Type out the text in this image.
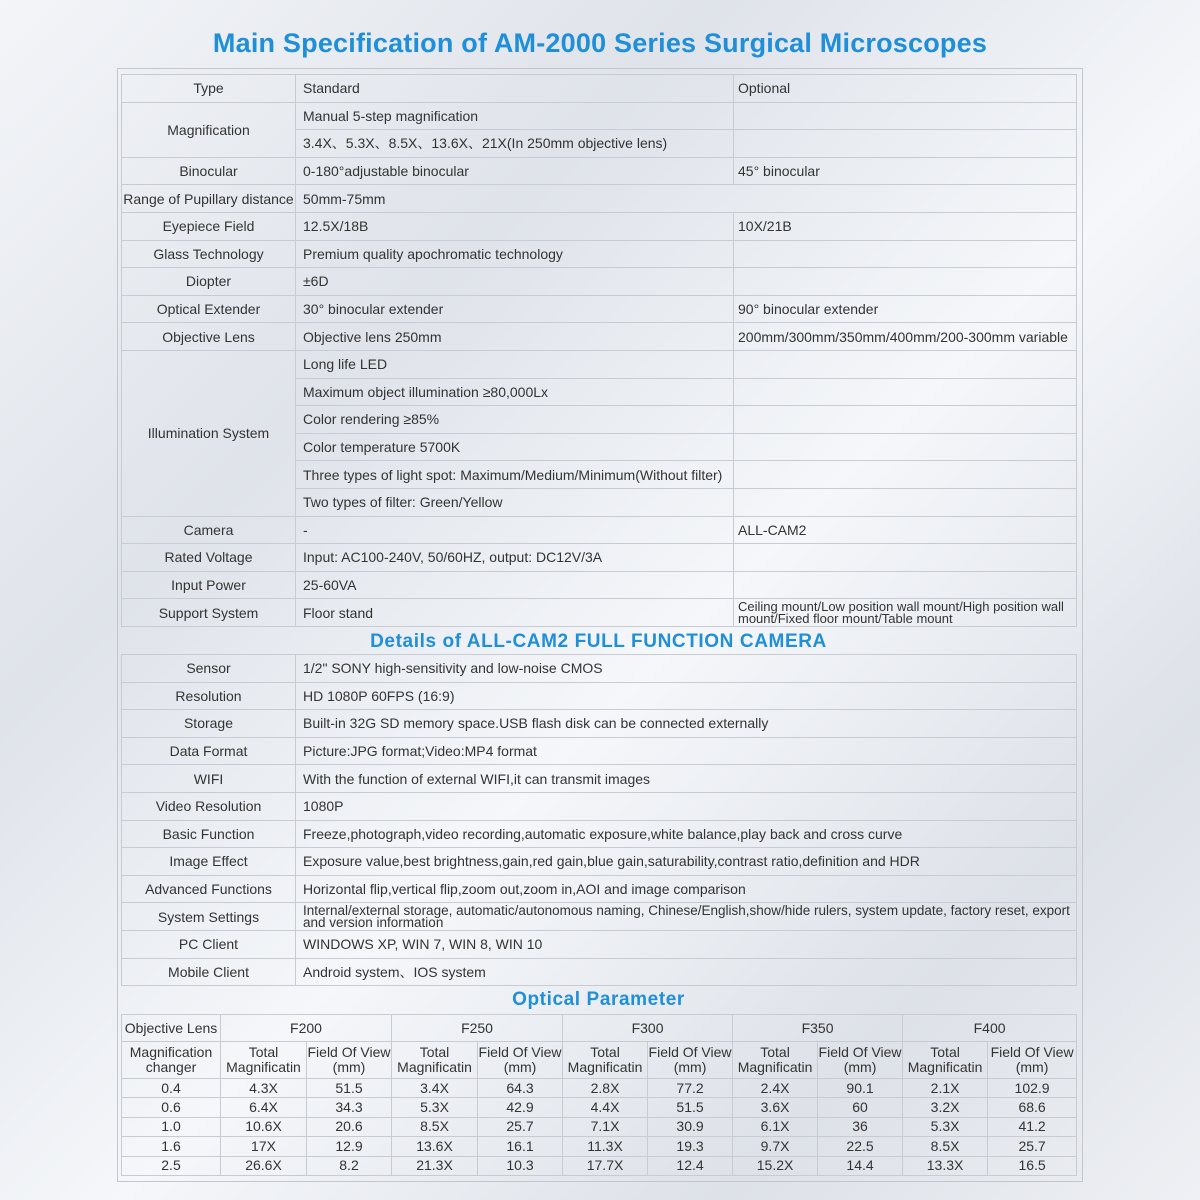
Main Specification of AM-2000 Series Surgical Microscopes
Type	Standard	Optional
Magnification	Manual 5-step magnification	
	3.4X、5.3X、8.5X、13.6X、21X(In 250mm objective lens)	
Binocular	0-180°adjustable binocular	45° binocular
Range of Pupillary distance	50mm-75mm	
Eyepiece Field	12.5X/18B	10X/21B
Glass Technology	Premium quality apochromatic technology	
Diopter	±6D	
Optical Extender	30° binocular extender	90° binocular extender
Objective Lens	Objective lens 250mm	200mm/300mm/350mm/400mm/200-300mm variable
Illumination System	Long life LED	
	Maximum object illumination ≥80,000Lx	
	Color rendering ≥85%	
	Color temperature 5700K	
	Three types of light spot: Maximum/Medium/Minimum(Without filter)	
	Two types of filter: Green/Yellow	
Camera	-	ALL-CAM2
Rated Voltage	Input: AC100-240V, 50/60HZ, output: DC12V/3A	
Input Power	25-60VA	
Support System	Floor stand	Ceiling mount/Low position wall mount/High position wall mount/Fixed floor mount/Table mount
Details of ALL-CAM2 FULL FUNCTION CAMERA
Sensor	1/2" SONY high-sensitivity and low-noise CMOS
Resolution	HD 1080P 60FPS (16:9)
Storage	Built-in 32G SD memory space.USB flash disk can be connected externally
Data Format	Picture:JPG format;Video:MP4 format
WIFI	With the function of external WIFI,it can transmit images
Video Resolution	1080P
Basic Function	Freeze,photograph,video recording,automatic exposure,white balance,play back and cross curve
Image Effect	Exposure value,best brightness,gain,red gain,blue gain,saturability,contrast ratio,definition and HDR
Advanced Functions	Horizontal flip,vertical flip,zoom out,zoom in,AOI and image comparison
System Settings	Internal/external storage, automatic/autonomous naming, Chinese/English,show/hide rulers, system update, factory reset, export and version information
PC Client	WINDOWS XP, WIN 7, WIN 8, WIN 10
Mobile Client	Android system、IOS system
Optical Parameter
Objective Lens	F200		F250		F300		F350		F400	
Magnification changer	Total Magnificatin	Field Of View (mm)	Total Magnificatin	Field Of View (mm)	Total Magnificatin	Field Of View (mm)	Total Magnificatin	Field Of View (mm)	Total Magnificatin	Field Of View (mm)
0.4	4.3X	51.5	3.4X	64.3	2.8X	77.2	2.4X	90.1	2.1X	102.9
0.6	6.4X	34.3	5.3X	42.9	4.4X	51.5	3.6X	60	3.2X	68.6
1.0	10.6X	20.6	8.5X	25.7	7.1X	30.9	6.1X	36	5.3X	41.2
1.6	17X	12.9	13.6X	16.1	11.3X	19.3	9.7X	22.5	8.5X	25.7
2.5	26.6X	8.2	21.3X	10.3	17.7X	12.4	15.2X	14.4	13.3X	16.5
